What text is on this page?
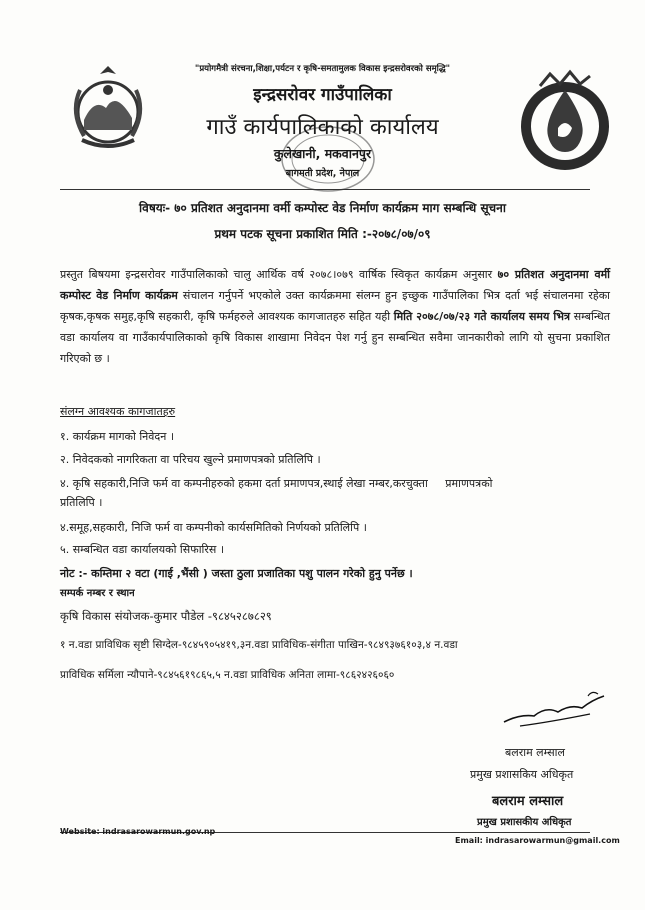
"प्रयोगमैत्री संरचना,शिक्षा,पर्यटन र कृषि-समतामुलक विकास इन्द्रसरोवरको समृद्धि"
इन्द्रसरोवर गाउँपालिका
गाउँ कार्यपालिकाको कार्यालय
कुलेखानी, मकवानपुर
बागमती प्रदेश, नेपाल
विषयः- ७० प्रतिशत अनुदानमा वर्मी कम्पोस्ट वेड निर्माण कार्यक्रम माग सम्बन्धि सूचना
प्रथम पटक सूचना प्रकाशित मिति :-२०७८/०७/०९
प्रस्तुत बिषयमा इन्द्रसरोवर गाउँपालिकाको चालु आर्थिक वर्ष २०७८।०७९ वार्षिक स्विकृत कार्यक्रम अनुसार ७० प्रतिशत अनुदानमा वर्मी कम्पोस्ट वेड निर्माण कार्यक्रम संचालन गर्नुपर्ने भएकोले उक्त कार्यक्रममा संलग्न हुन इच्छुक गाउँपालिका भित्र दर्ता भई संचालनमा रहेका कृषक,कृषक समुह,कृषि सहकारी, कृषि फर्महरुले आवश्यक कागजातहरु सहित यही मिति २०७८/०७/२३ गते कार्यालय समय भित्र सम्बन्धित वडा कार्यालय वा गाउँकार्यपालिकाको कृषि विकास शाखामा निवेदन पेश गर्नु हुन सम्बन्धित सवैमा जानकारीको लागि यो सुचना प्रकाशित गरिएको छ ।
संलग्न आवश्यक कागजातहरु
१. कार्यक्रम मागको निवेदन ।
२. निवेदकको नागरिकता वा परिचय खुल्ने प्रमाणपत्रको प्रतिलिपि ।
४. कृषि सहकारी,निजि फर्म वा कम्पनीहरुको हकमा दर्ता प्रमाणपत्र,स्थाई लेखा नम्बर,करचुक्ता     प्रमाणपत्रको
प्रतिलिपि ।
४.समूह,सहकारी, निजि फर्म वा कम्पनीको कार्यसमितिको निर्णयको प्रतिलिपि ।
५. सम्बन्धित वडा कार्यालयको सिफारिस ।
नोट :- कम्तिमा २ वटा (गाई ,भैंसी ) जस्ता ठुला प्रजातिका पशु पालन गरेको हुनु पर्नेछ ।
सम्पर्क नम्बर र स्थान
कृषि विकास संयोजक-कुमार पौडेल -९८४५२८७८२९
१ न.वडा प्राविधिक सृष्टी सिग्देल-९८४५९०५४१९,३न.वडा प्राविधिक-संगीता पाखिन-९८४९३७६१०३,४ न.वडा
प्राविधिक सर्मिला न्यौपाने-९८४५६१९८६५,५ न.वडा प्राविधिक अनिता लामा-९८६२४२६०६०
बलराम लम्साल
प्रमुख प्रशासकिय अधिकृत
बलराम लम्साल
प्रमुख प्रशासकीय अधिकृत
Website: indrasarowarmun.gov.np
Email: indrasarowarmun@gmail.com
